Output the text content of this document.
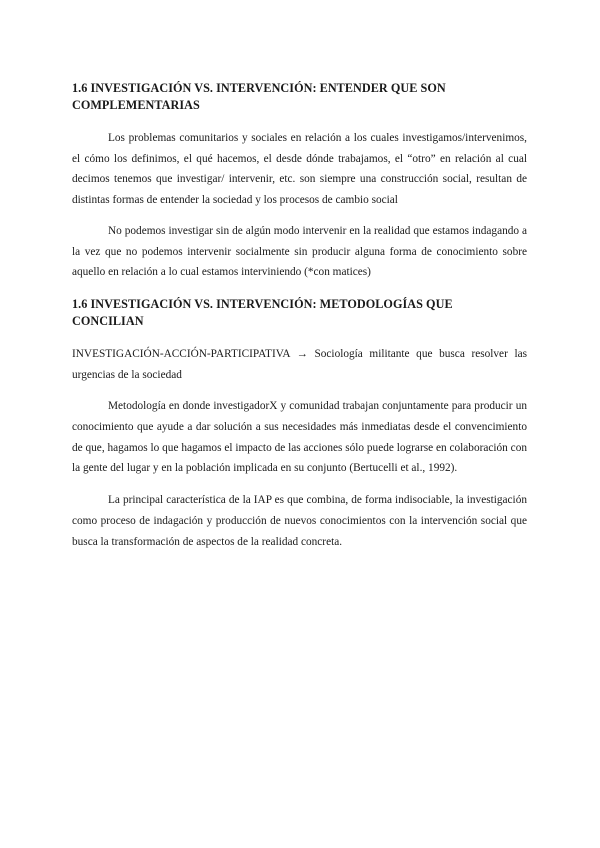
1.6 INVESTIGACIÓN VS. INTERVENCIÓN: ENTENDER QUE SON COMPLEMENTARIAS

Los problemas comunitarios y sociales en relación a los cuales investigamos/intervenimos, el cómo los definimos, el qué hacemos, el desde dónde trabajamos, el “otro” en relación al cual decimos tenemos que investigar/ intervenir, etc. son siempre una construcción social, resultan de distintas formas de entender la sociedad y los procesos de cambio social

No podemos investigar sin de algún modo intervenir en la realidad que estamos indagando a la vez que no podemos intervenir socialmente sin producir alguna forma de conocimiento sobre aquello en relación a lo cual estamos interviniendo (*con matices)

1.6 INVESTIGACIÓN VS. INTERVENCIÓN: METODOLOGÍAS QUE CONCILIAN

INVESTIGACIÓN-ACCIÓN-PARTICIPATIVA → Sociología militante que busca resolver las urgencias de la sociedad

Metodología en donde investigadorX y comunidad trabajan conjuntamente para producir un conocimiento que ayude a dar solución a sus necesidades más inmediatas desde el convencimiento de que, hagamos lo que hagamos el impacto de las acciones sólo puede lograrse en colaboración con la gente del lugar y en la población implicada en su conjunto (Bertucelli et al., 1992).

La principal característica de la IAP es que combina, de forma indisociable, la investigación como proceso de indagación y producción de nuevos conocimientos con la intervención social que busca la transformación de aspectos de la realidad concreta.
